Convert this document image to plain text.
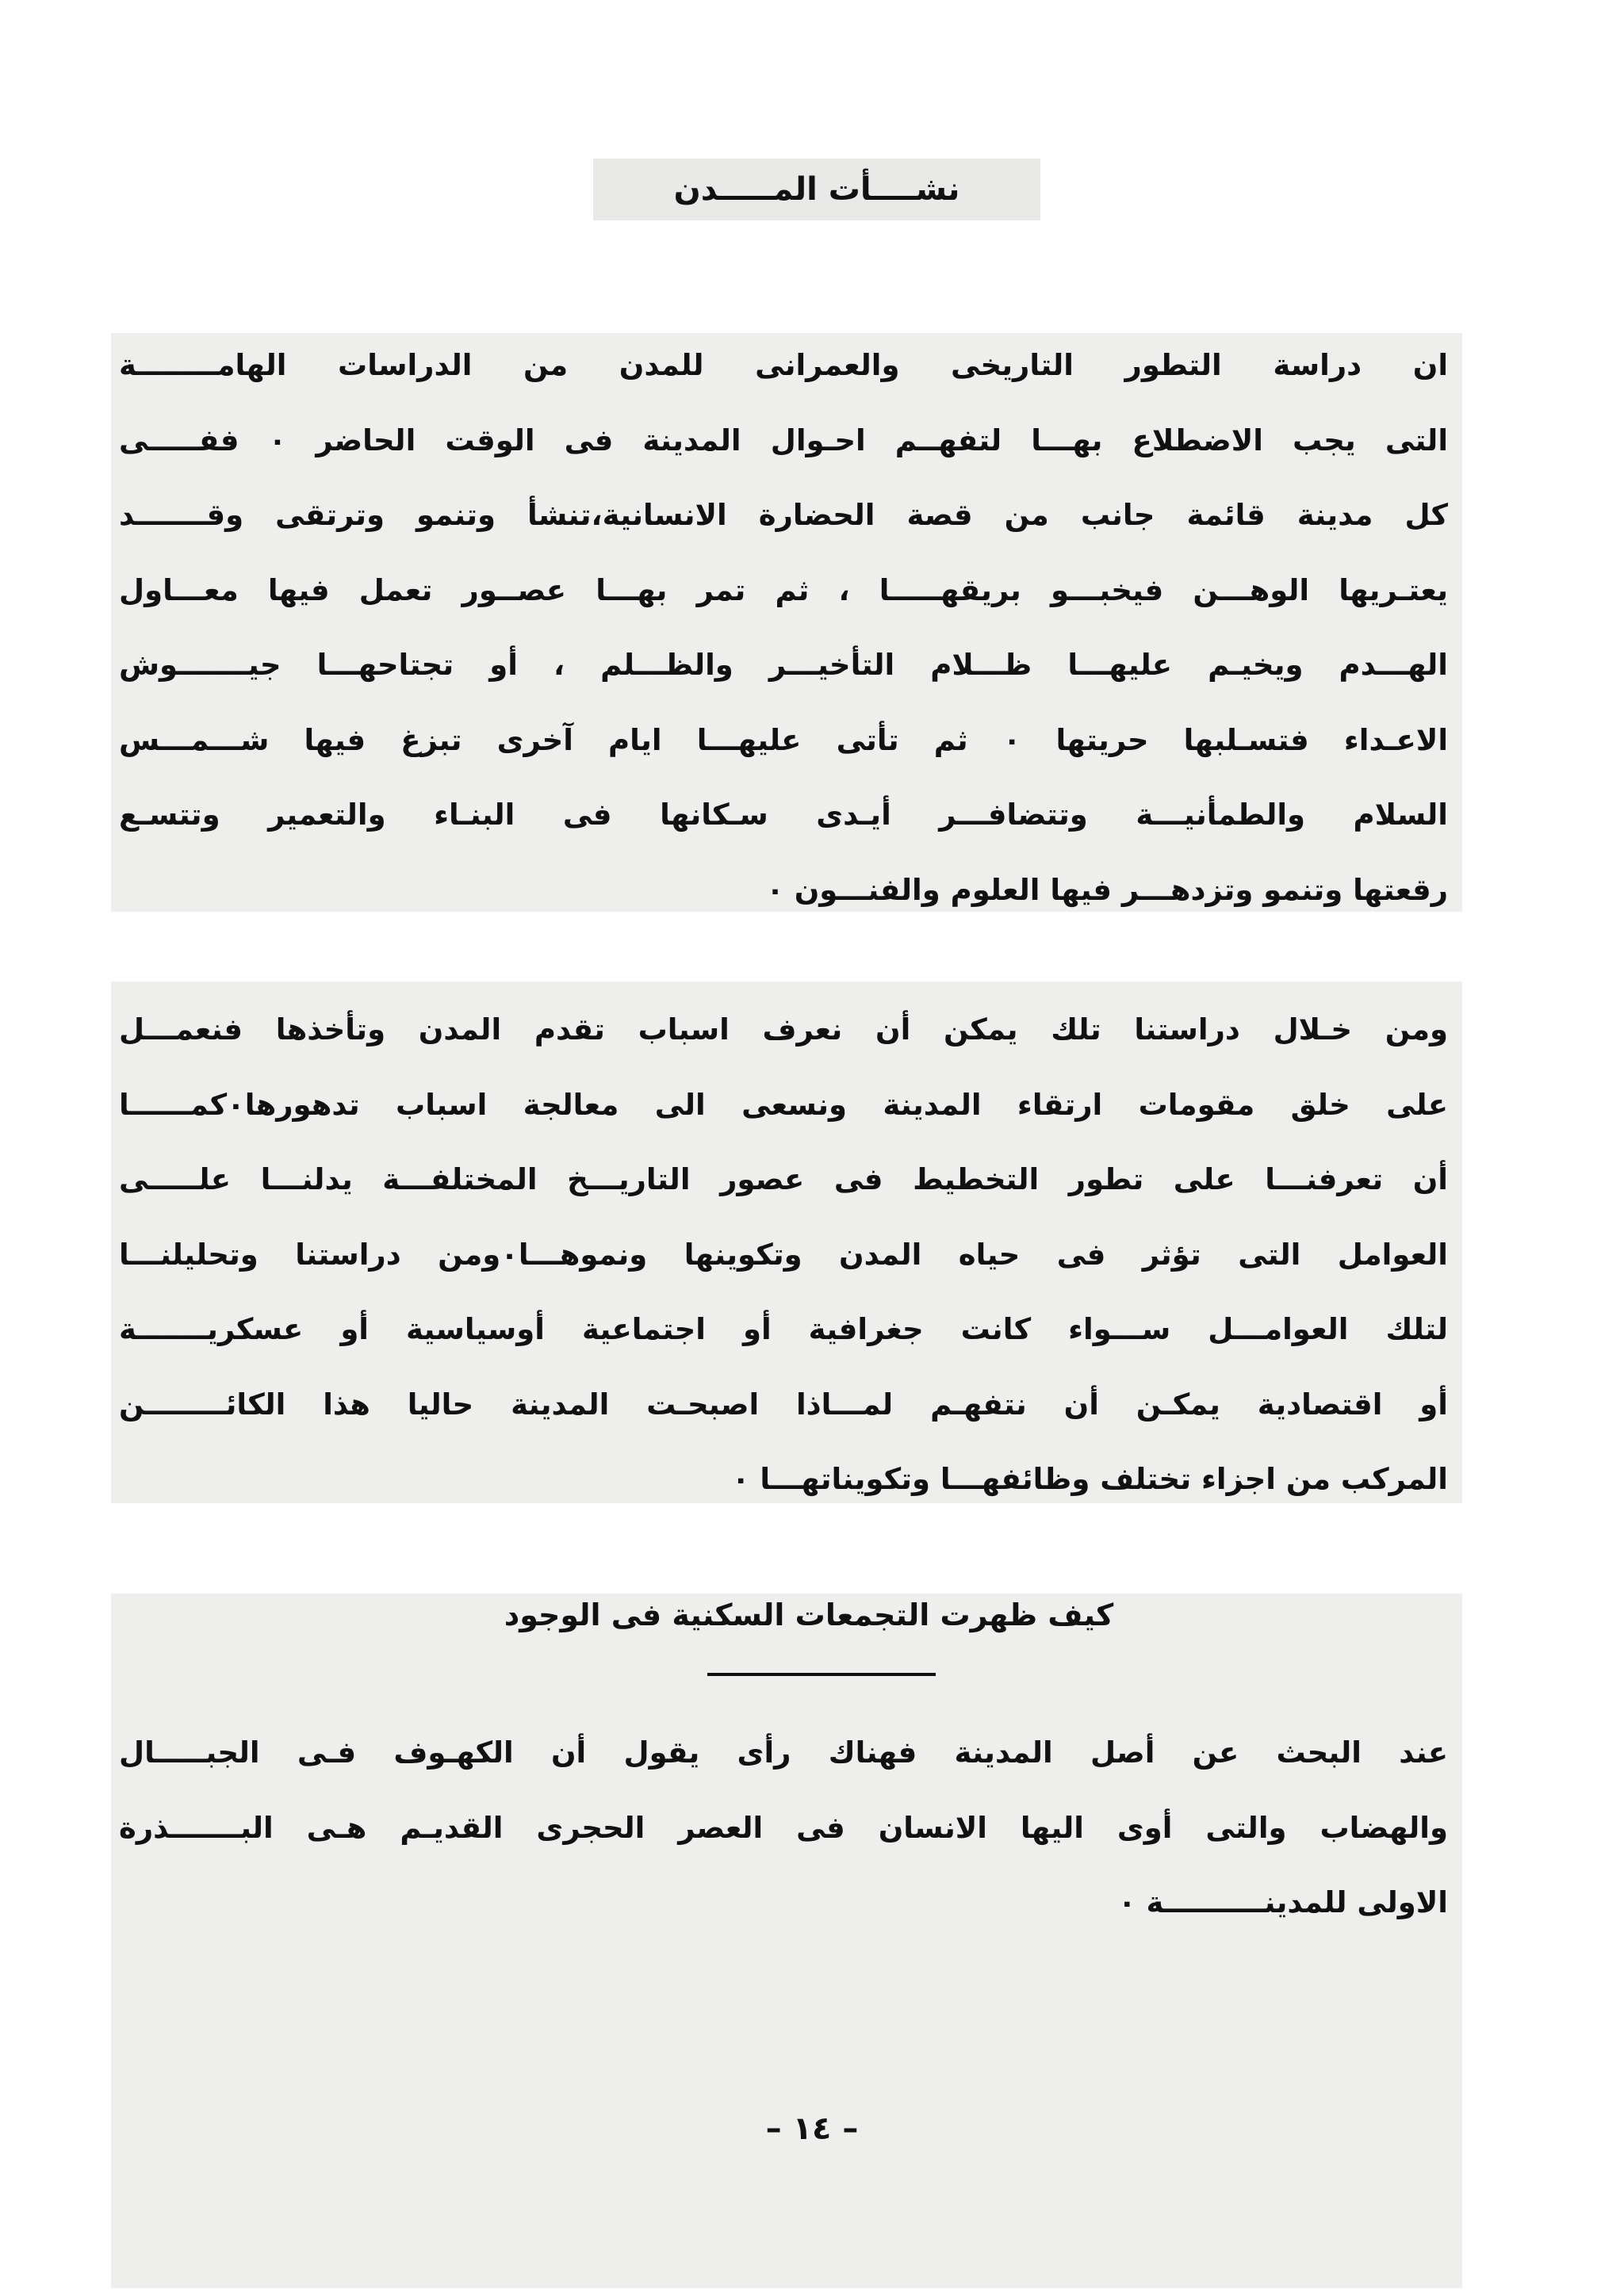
نشــــأت المـــــدن
ان دراسة التطور التاريخى والعمرانى للمدن من الدراسات الهامــــــــة
التى يجب الاضطلاع بهـــا لتفهــم احـوال المدينة فى الوقت الحاضر ٠ ففـــــى
كل مدينة قائمة جانب من قصة الحضارة الانسانية،تنشأ وتنمو وترتقى وقـــــــد
يعتـريها الوهـــن فيخبـــو بريقهـــــا ، ثم تمر بهـــا عصــور تعمل فيها معـــاول
الهـــدم ويخيـم عليهـــا ظـــلام التأخيـــر والظـــلم ، أو تجتاحهـــا جيـــــــوش
الاعـداء فتسـلبها حريتها ٠ ثم تأتى عليهـــا ايام آخرى تبزغ فيها شـــمـــس
السلام والطمأنيـــة وتتضافـــر أيـدى سـكانها فى البنـاء والتعمير وتتسـع
رقعتها وتنمو وتزدهـــر فيها العلوم والفنـــون ٠
ومن خـلال دراستنا تلك يمكن أن نعرف اسباب تقدم المدن وتأخذها فنعمـــل
على خلق مقومات ارتقاء المدينة ونسعى الى معالجة اسباب تدهورها٠كمــــــا
أن تعرفنـــا على تطور التخطيط فى عصور التاريـــخ المختلفـــة يدلنـــا علـــــى
العوامل التى تؤثر فى حياه المدن وتكوينها ونموهـــا٠ومن دراستنا وتحليلنـــا
لتلك العوامـــل ســـواء كانت جغرافية أو اجتماعية أوسياسية أو عسكريـــــــة
أو اقتصادية يمكـن أن نتفهـم لمـــاذا اصبحـت المدينة حاليا هذا الكائــــــــن
المركب من اجزاء تختلف وظائفهـــا وتكويناتهـــا ٠
كيف ظهرت التجمعات السكنية فى الوجود
عند البحث عن أصل المدينة فهناك رأى يقول أن الكهـوف فـى الجبـــــال
والهضاب والتى أوى اليها الانسان فى العصر الحجرى القديـم هـى البـــــــذرة
الاولى للمدينــــــــــة ٠
– ١٤ –
